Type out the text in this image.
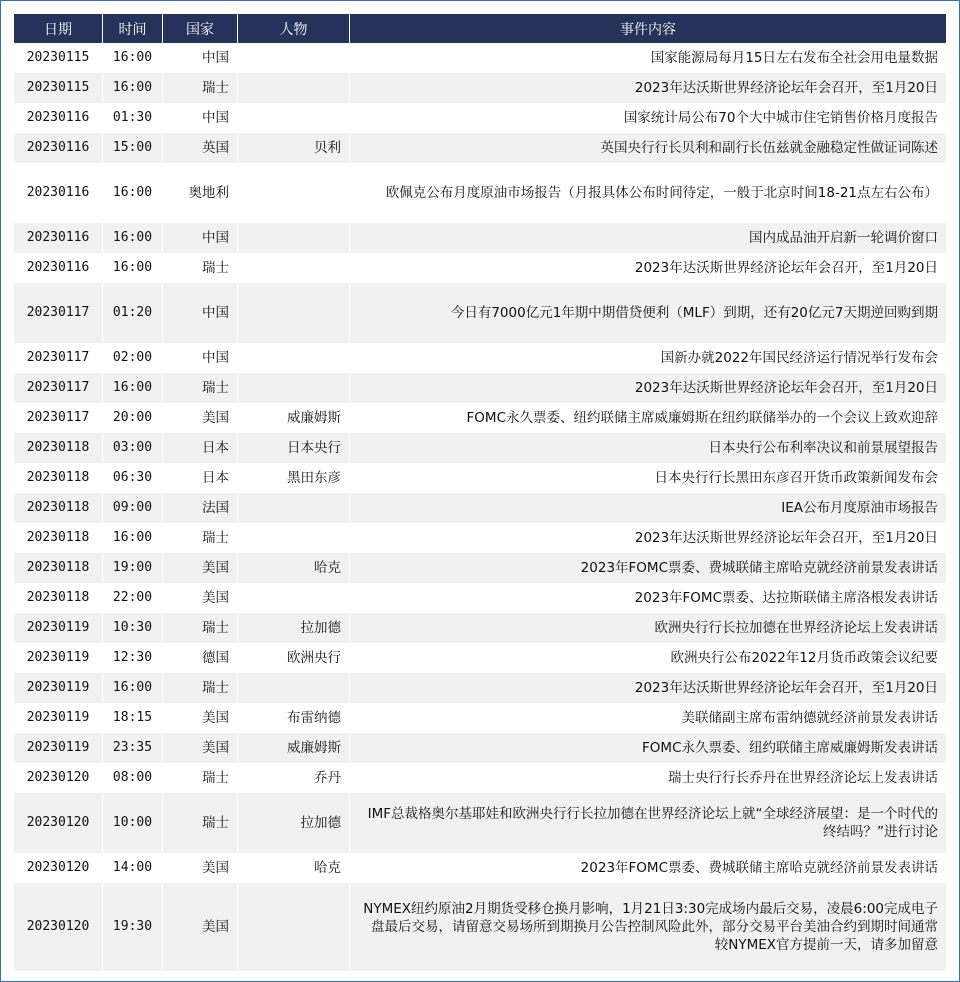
日期	时间	国家	人物	事件内容
20230115	16:00	中国		国家能源局每月15日左右发布全社会用电量数据
20230115	16:00	瑞士		2023年达沃斯世界经济论坛年会召开，至1月20日
20230116	01:30	中国		国家统计局公布70个大中城市住宅销售价格月度报告
20230116	15:00	英国	贝利	英国央行行长贝利和副行长伍兹就金融稳定性做证词陈述
20230116	16:00	奥地利		欧佩克公布月度原油市场报告（月报具体公布时间待定，一般于北京时间18-21点左右公布）
20230116	16:00	中国		国内成品油开启新一轮调价窗口
20230116	16:00	瑞士		2023年达沃斯世界经济论坛年会召开，至1月20日
20230117	01:20	中国		今日有7000亿元1年期中期借贷便利（MLF）到期，还有20亿元7天期逆回购到期
20230117	02:00	中国		国新办就2022年国民经济运行情况举行发布会
20230117	16:00	瑞士		2023年达沃斯世界经济论坛年会召开，至1月20日
20230117	20:00	美国	威廉姆斯	FOMC永久票委、纽约联储主席威廉姆斯在纽约联储举办的一个会议上致欢迎辞
20230118	03:00	日本	日本央行	日本央行公布利率决议和前景展望报告
20230118	06:30	日本	黑田东彦	日本央行行长黑田东彦召开货币政策新闻发布会
20230118	09:00	法国		IEA公布月度原油市场报告
20230118	16:00	瑞士		2023年达沃斯世界经济论坛年会召开，至1月20日
20230118	19:00	美国	哈克	2023年FOMC票委、费城联储主席哈克就经济前景发表讲话
20230118	22:00	美国		2023年FOMC票委、达拉斯联储主席洛根发表讲话
20230119	10:30	瑞士	拉加德	欧洲央行行长拉加德在世界经济论坛上发表讲话
20230119	12:30	德国	欧洲央行	欧洲央行公布2022年12月货币政策会议纪要
20230119	16:00	瑞士		2023年达沃斯世界经济论坛年会召开，至1月20日
20230119	18:15	美国	布雷纳德	美联储副主席布雷纳德就经济前景发表讲话
20230119	23:35	美国	威廉姆斯	FOMC永久票委、纽约联储主席威廉姆斯发表讲话
20230120	08:00	瑞士	乔丹	瑞士央行行长乔丹在世界经济论坛上发表讲话
20230120	10:00	瑞士	拉加德	IMF总裁格奥尔基耶娃和欧洲央行行长拉加德在世界经济论坛上就“全球经济展望：是一个时代的终结吗？”进行讨论
20230120	14:00	美国	哈克	2023年FOMC票委、费城联储主席哈克就经济前景发表讲话
20230120	19:30	美国		NYMEX纽约原油2月期货受移仓换月影响，1月21日3:30完成场内最后交易，凌晨6:00完成电子盘最后交易，请留意交易场所到期换月公告控制风险此外，部分交易平台美油合约到期时间通常较NYMEX官方提前一天，请多加留意
